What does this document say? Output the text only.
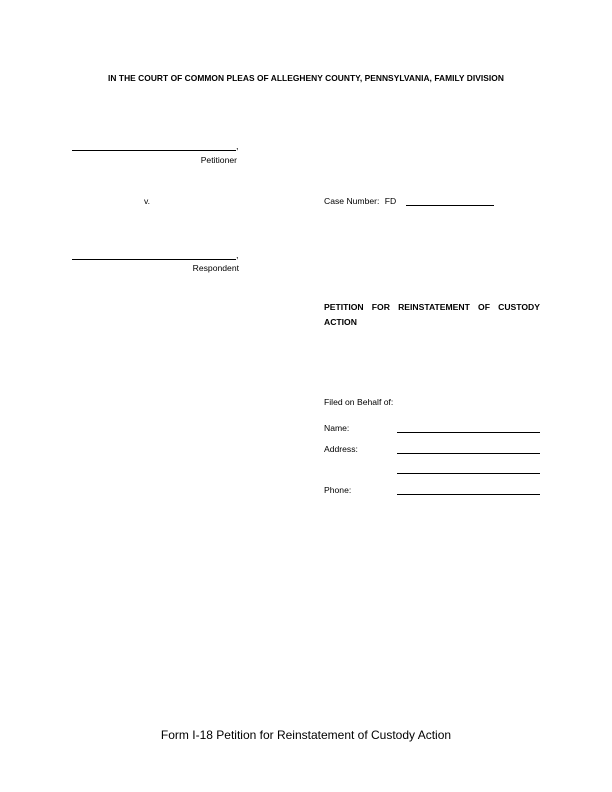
IN THE COURT OF COMMON PLEAS OF ALLEGHENY COUNTY, PENNSYLVANIA, FAMILY DIVISION
,
Petitioner
v.	Case Number: FD
,
Respondent
PETITION FOR REINSTATEMENT OF CUSTODY ACTION
Filed on Behalf of:
Name:
Address:
Phone:
Form I-18 Petition for Reinstatement of Custody Action
